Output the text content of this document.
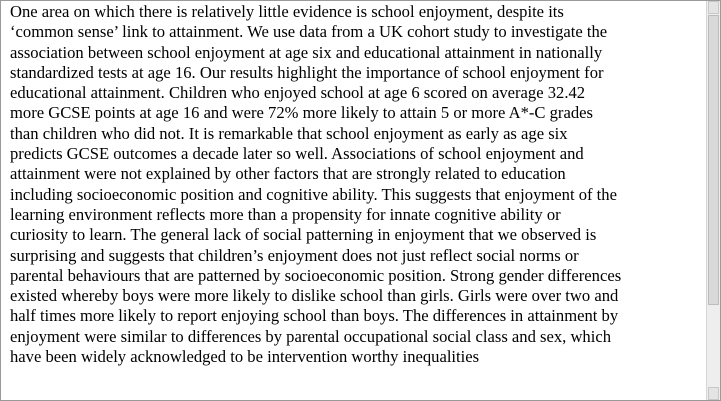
One area on which there is relatively little evidence is school enjoyment, despite its
‘common sense’ link to attainment. We use data from a UK cohort study to investigate the
association between school enjoyment at age six and educational attainment in nationally
standardized tests at age 16. Our results highlight the importance of school enjoyment for
educational attainment. Children who enjoyed school at age 6 scored on average 32.42
more GCSE points at age 16 and were 72% more likely to attain 5 or more A*-C grades
than children who did not. It is remarkable that school enjoyment as early as age six
predicts GCSE outcomes a decade later so well. Associations of school enjoyment and
attainment were not explained by other factors that are strongly related to education
including socioeconomic position and cognitive ability. This suggests that enjoyment of the
learning environment reflects more than a propensity for innate cognitive ability or
curiosity to learn. The general lack of social patterning in enjoyment that we observed is
surprising and suggests that children’s enjoyment does not just reflect social norms or
parental behaviours that are patterned by socioeconomic position. Strong gender differences
existed whereby boys were more likely to dislike school than girls. Girls were over two and
half times more likely to report enjoying school than boys. The differences in attainment by
enjoyment were similar to differences by parental occupational social class and sex, which
have been widely acknowledged to be intervention worthy inequalities
